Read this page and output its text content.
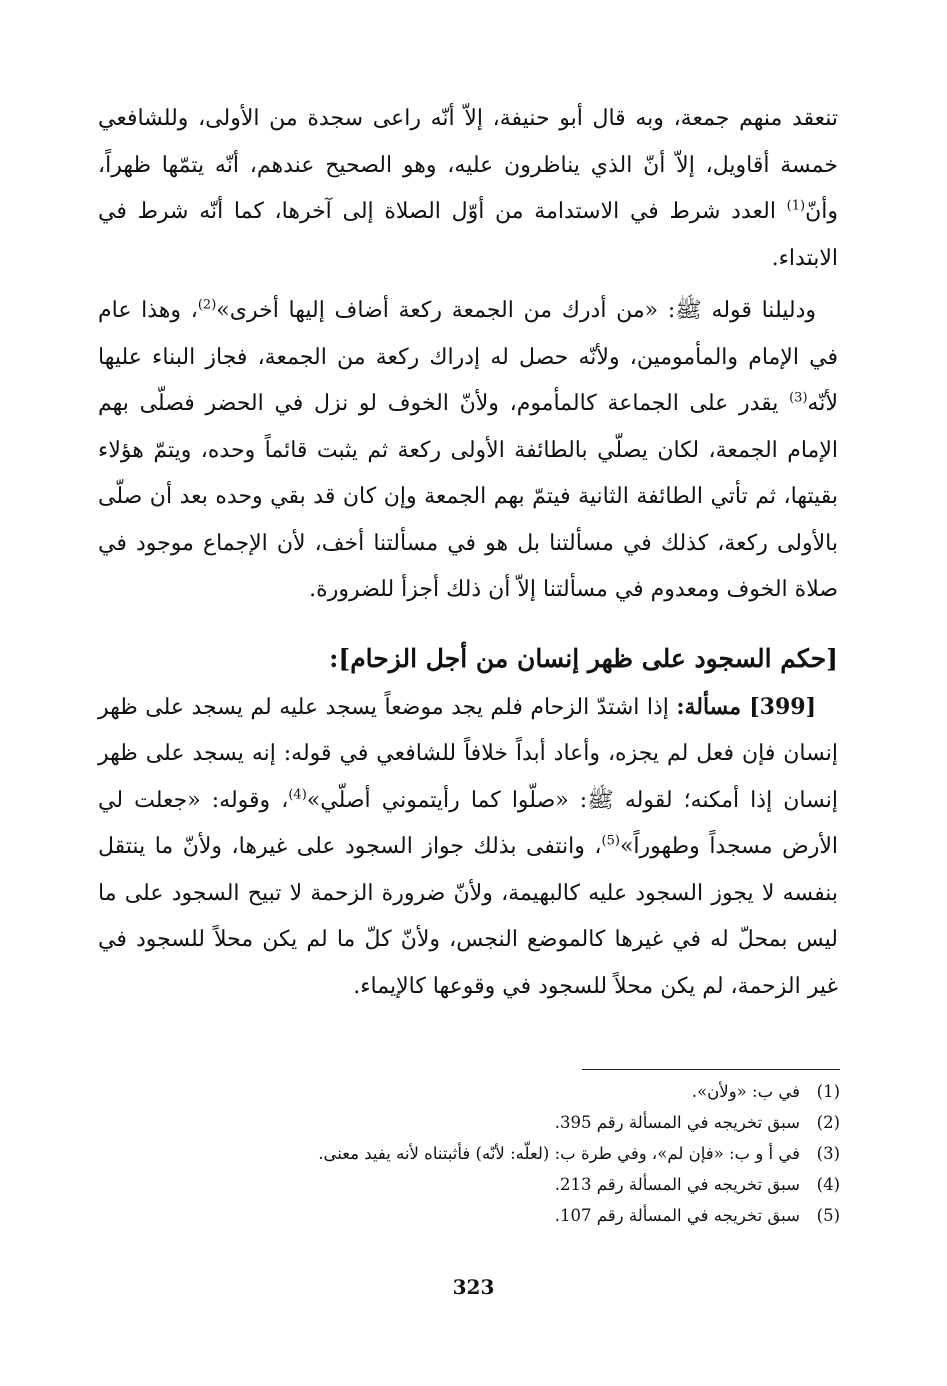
تنعقد منهم جمعة، وبه قال أبو حنيفة، إلاّ أنّه راعى سجدة من الأولى، وللشافعي خمسة أقاويل، إلاّ أنّ الذي يناظرون عليه، وهو الصحيح عندهم، أنّه يتمّها ظهراً، وأنّ$^{(1)}$ العدد شرط في الاستدامة من أوّل الصلاة إلى آخرها، كما أنّه شرط في الابتداء.

ودليلنا قوله ﷺ: «من أدرك من الجمعة ركعة أضاف إليها أخرى»$^{(2)}$، وهذا عام في الإمام والمأمومين، ولأنّه حصل له إدراك ركعة من الجمعة، فجاز البناء عليها لأنّه$^{(3)}$ يقدر على الجماعة كالمأموم، ولأنّ الخوف لو نزل في الحضر فصلّى بهم الإمام الجمعة، لكان يصلّي بالطائفة الأولى ركعة ثم يثبت قائماً وحده، ويتمّ هؤلاء بقيتها، ثم تأتي الطائفة الثانية فيتمّ بهم الجمعة وإن كان قد بقي وحده بعد أن صلّى بالأولى ركعة، كذلك في مسألتنا بل هو في مسألتنا أخف، لأن الإجماع موجود في صلاة الخوف ومعدوم في مسألتنا إلاّ أن ذلك أجزأ للضرورة.

[حكم السجود على ظهر إنسان من أجل الزحام]:

[399] مسألة: إذا اشتدّ الزحام فلم يجد موضعاً يسجد عليه لم يسجد على ظهر إنسان فإن فعل لم يجزه، وأعاد أبداً خلافاً للشافعي في قوله: إنه يسجد على ظهر إنسان إذا أمكنه؛ لقوله ﷺ: «صلّوا كما رأيتموني أصلّي»$^{(4)}$، وقوله: «جعلت لي الأرض مسجداً وطهوراً»$^{(5)}$، وانتفى بذلك جواز السجود على غيرها، ولأنّ ما ينتقل بنفسه لا يجوز السجود عليه كالبهيمة، ولأنّ ضرورة الزحمة لا تبيح السجود على ما ليس بمحلّ له في غيرها كالموضع النجس، ولأنّ كلّ ما لم يكن محلاً للسجود في غير الزحمة، لم يكن محلاً للسجود في وقوعها كالإيماء.

(1)
في ب: «ولأن».
(2)
سبق تخريجه في المسألة رقم 395.
(3)
في أ و ب: «فإن لم»، وفي طرة ب: (لعلّه: لأنّه) فأثبتناه لأنه يفيد معنى.
(4)
سبق تخريجه في المسألة رقم 213.
(5)
سبق تخريجه في المسألة رقم 107.
323
